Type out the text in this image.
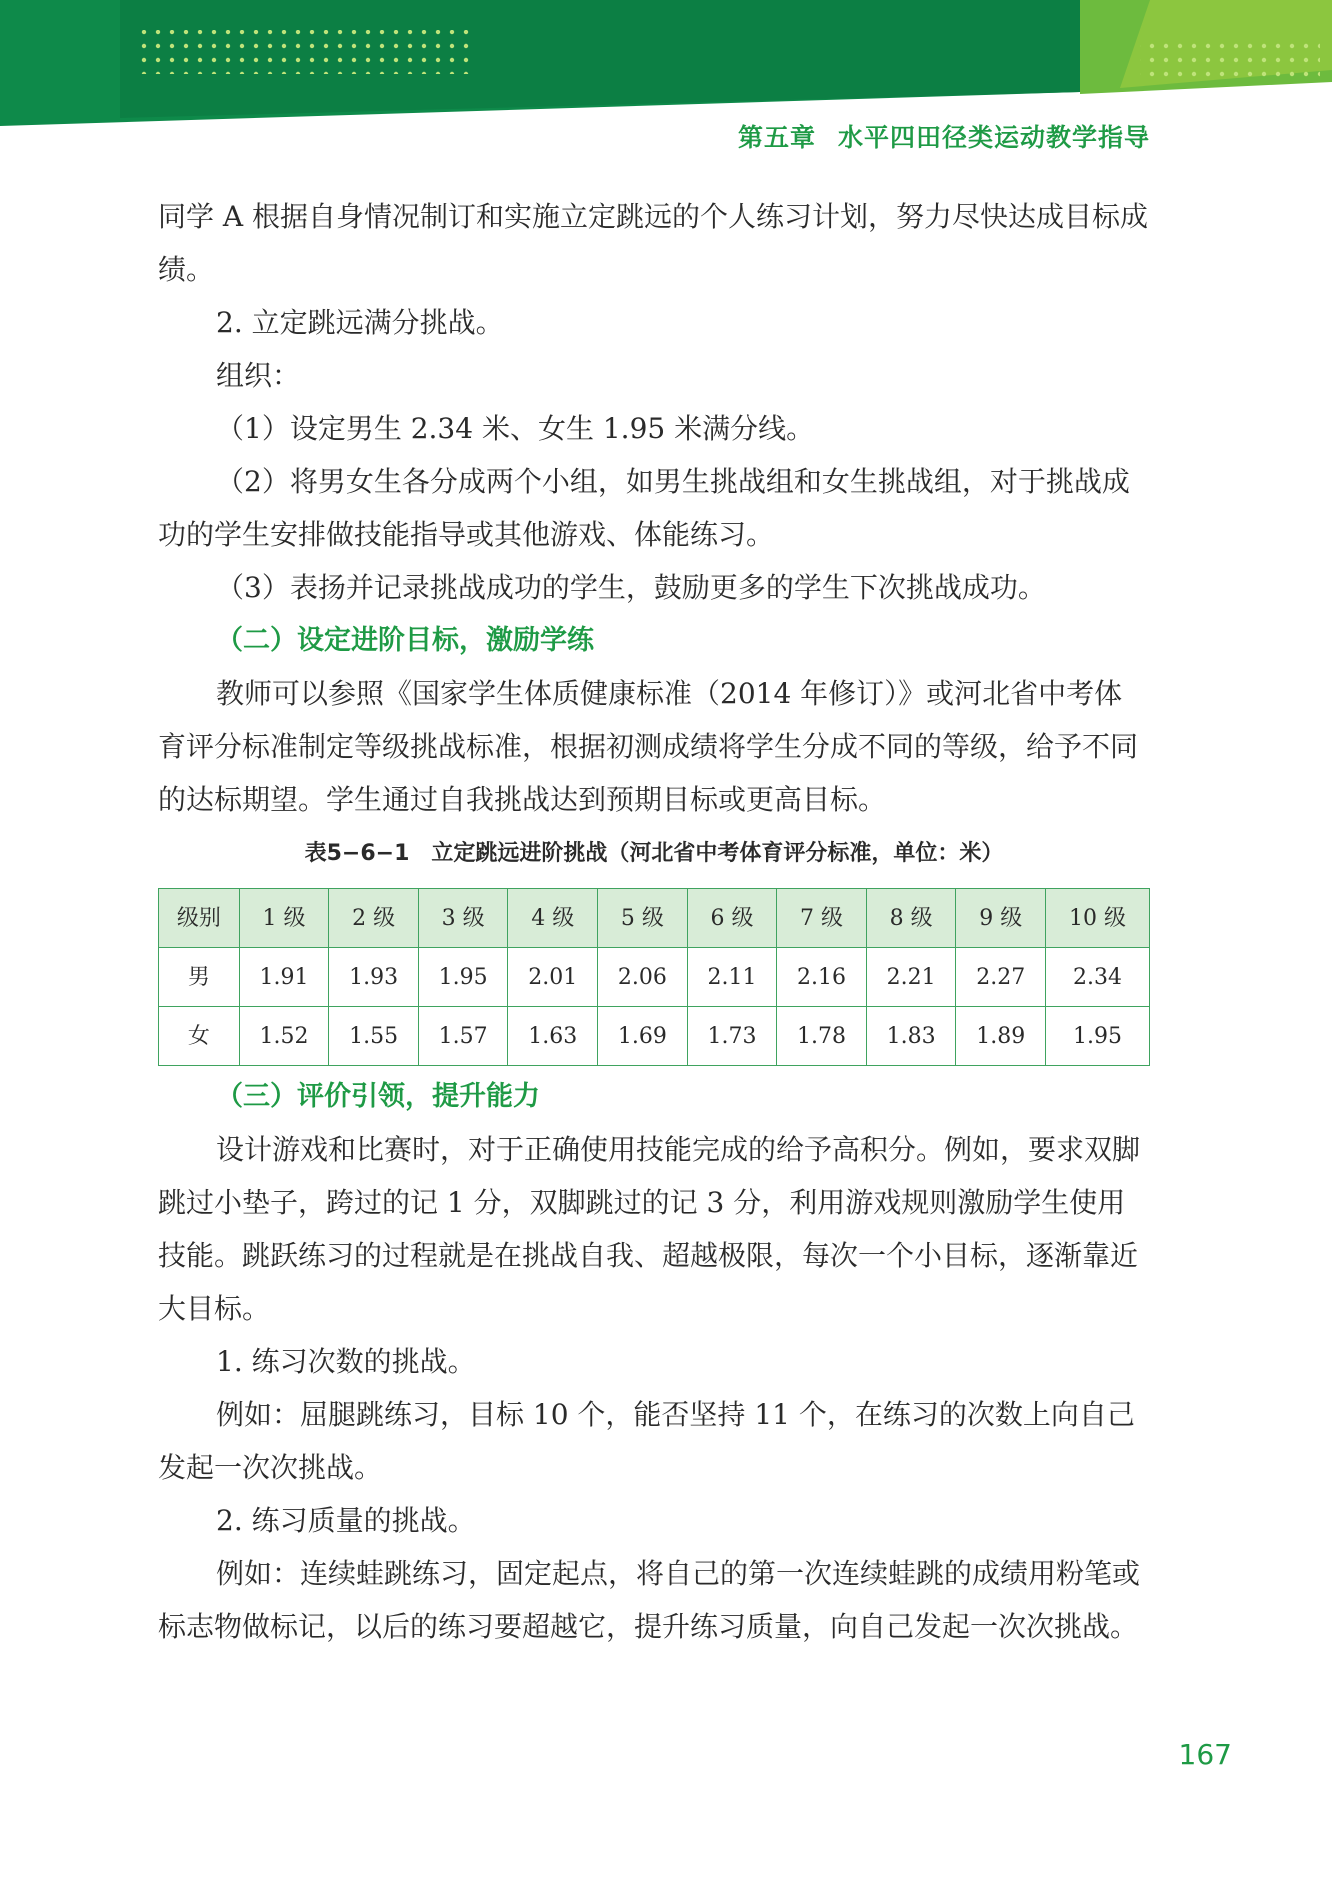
第五章 水平四田径类运动教学指导

同学 A 根据自身情况制订和实施立定跳远的个人练习计划，努力尽快达成目标成绩。

2. 立定跳远满分挑战。

组织：

（1）设定男生 2.34 米、女生 1.95 米满分线。

（2）将男女生各分成两个小组，如男生挑战组和女生挑战组，对于挑战成功的学生安排做技能指导或其他游戏、体能练习。

（3）表扬并记录挑战成功的学生，鼓励更多的学生下次挑战成功。

（二）设定进阶目标，激励学练

教师可以参照《国家学生体质健康标准（2014 年修订）》或河北省中考体育评分标准制定等级挑战标准，根据初测成绩将学生分成不同的等级，给予不同的达标期望。学生通过自我挑战达到预期目标或更高目标。

表5−6−1　立定跳远进阶挑战（河北省中考体育评分标准，单位：米）
级别	1 级	2 级	3 级	4 级	5 级	6 级	7 级	8 级	9 级	10 级
男	1.91	1.93	1.95	2.01	2.06	2.11	2.16	2.21	2.27	2.34
女	1.52	1.55	1.57	1.63	1.69	1.73	1.78	1.83	1.89	1.95

（三）评价引领，提升能力

设计游戏和比赛时，对于正确使用技能完成的给予高积分。例如，要求双脚跳过小垫子，跨过的记 1 分，双脚跳过的记 3 分，利用游戏规则激励学生使用技能。跳跃练习的过程就是在挑战自我、超越极限，每次一个小目标，逐渐靠近大目标。

1. 练习次数的挑战。

例如：屈腿跳练习，目标 10 个，能否坚持 11 个，在练习的次数上向自己发起一次次挑战。

2. 练习质量的挑战。

例如：连续蛙跳练习，固定起点，将自己的第一次连续蛙跳的成绩用粉笔或标志物做标记，以后的练习要超越它，提升练习质量，向自己发起一次次挑战。

167
